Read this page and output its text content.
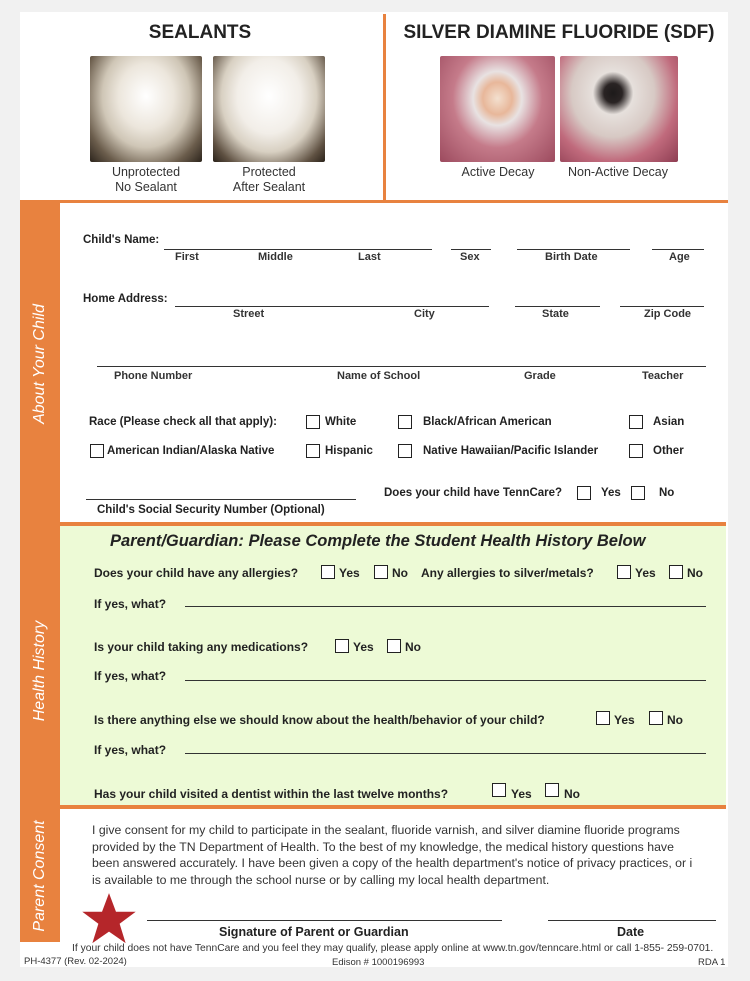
SEALANTS	SILVER DIAMINE FLUORIDE (SDF)
Unprotected
No Sealant
Protected
After Sealant
Active Decay	Non-Active Decay
About Your Child
Child's Name:
First	Middle	Last	Sex	Birth Date	Age
Home Address:
Street	City	State	Zip Code
Phone Number	Name of School	Grade	Teacher
Race (Please check all that apply):	White	Black/African American	Asian
American Indian/Alaska Native	Hispanic	Native Hawaiian/Pacific Islander	Other
Child's Social Security Number (Optional)
Does your child have TennCare?	Yes	No
Health History
Parent/Guardian: Please Complete the Student Health History Below
Does your child have any allergies?	Yes	No Any allergies to silver/metals?	Yes	No
If yes, what?
Is your child taking any medications?	Yes	No
If yes, what?
Is there anything else we should know about the health/behavior of your child?	Yes	No
If yes, what?
Has your child visited a dentist within the last twelve months?	Yes	No
Parent Consent	I give consent for my child to participate in the sealant, fluoride varnish, and silver diamine fluoride programs
provided by the TN Department of Health. To the best of my knowledge, the medical history questions have
been answered accurately. I have been given a copy of the health department's notice of privacy practices, or i
is available to me through the school nurse or by calling my local health department.
Signature of Parent or Guardian	Date
If your child does not have TennCare and you feel they may qualify, please apply online at www.tn.gov/tenncare.html or call 1-855- 259-0701.
PH-4377 (Rev. 02-2024)	Edison # 1000196993	RDA 1
